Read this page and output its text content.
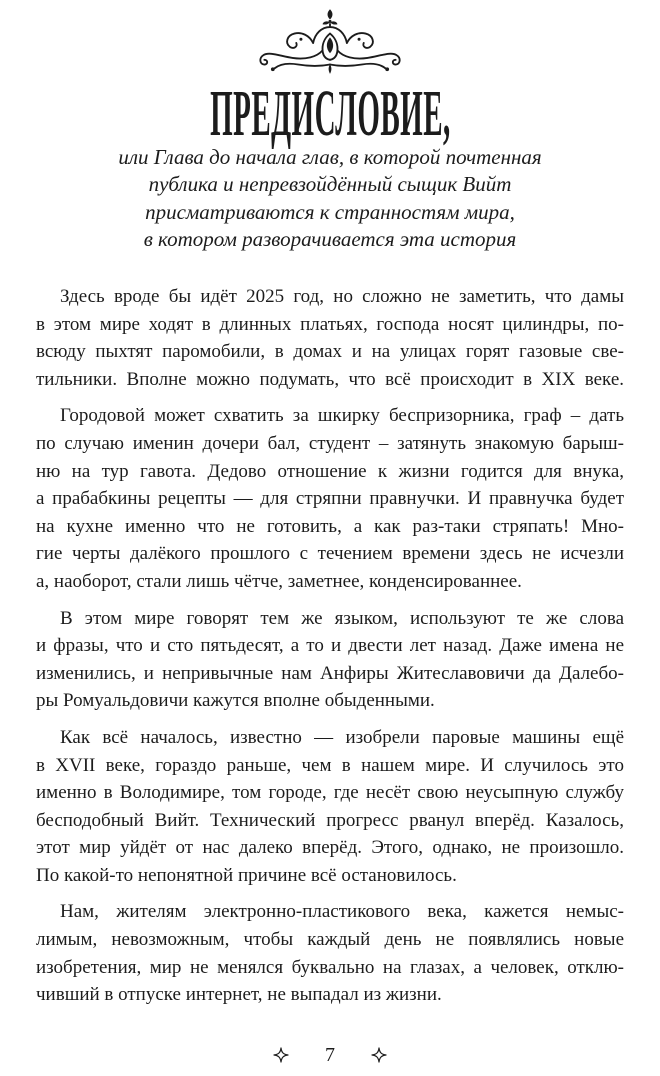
ПРЕДИСЛОВИЕ,
или Глава до начала глав, в которой почтенная
публика и непревзойдённый сыщик Вийт
присматриваются к странностям мира,
в котором разворачивается эта история
Здесь вроде бы идёт 2025 год, но сложно не заметить, что дамы
в этом мире ходят в длинных платьях, господа носят цилиндры, по-
всюду пыхтят паромобили, в домах и на улицах горят газовые све-
тильники. Вполне можно подумать, что всё происходит в XIX веке.
Городовой может схватить за шкирку беспризорника, граф – дать
по случаю именин дочери бал, студент – затянуть знакомую барыш-
ню на тур гавота. Дедово отношение к жизни годится для внука,
а прабабкины рецепты — для стряпни правнучки. И правнучка будет
на кухне именно что не готовить, а как раз-таки стряпать! Мно-
гие черты далёкого прошлого с течением времени здесь не исчезли
а, наоборот, стали лишь чётче, заметнее, конденсированнее.
В этом мире говорят тем же языком, используют те же слова
и фразы, что и сто пятьдесят, а то и двести лет назад. Даже имена не
изменились, и непривычные нам Анфиры Житеславовичи да Далебо-
ры Ромуальдовичи кажутся вполне обыденными.
Как всё началось, известно — изобрели паровые машины ещё
в XVII веке, гораздо раньше, чем в нашем мире. И случилось это
именно в Володимире, том городе, где несёт свою неусыпную службу
бесподобный Вийт. Технический прогресс рванул вперёд. Казалось,
этот мир уйдёт от нас далеко вперёд. Этого, однако, не произошло.
По какой-то непонятной причине всё остановилось.
Нам, жителям электронно-пластикового века, кажется немыс-
лимым, невозможным, чтобы каждый день не появлялись новые
изобретения, мир не менялся буквально на глазах, а человек, отклю-
чивший в отпуске интернет, не выпадал из жизни.
7
